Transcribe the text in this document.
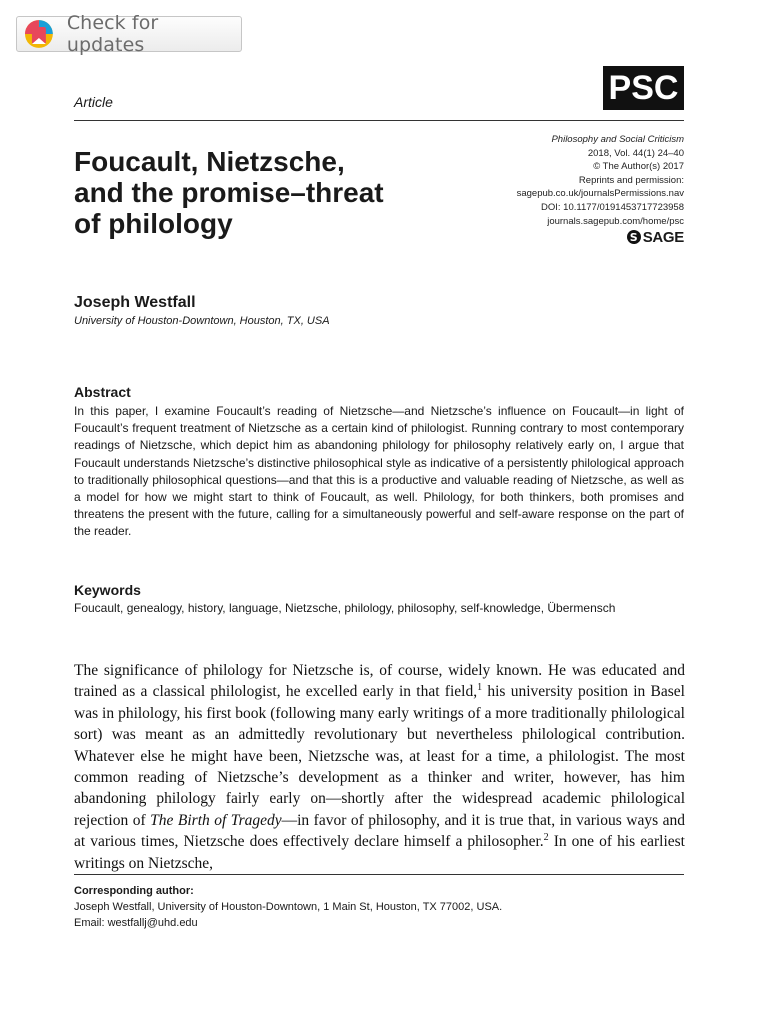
Check for updates
PSC
Article
Foucault, Nietzsche,
and the promise–threat
of philology
Philosophy and Social Criticism
2018, Vol. 44(1) 24–40
© The Author(s) 2017
Reprints and permission:
sagepub.co.uk/journalsPermissions.nav
DOI: 10.1177/0191453717723958
journals.sagepub.com/home/psc
S SAGE
Joseph Westfall
University of Houston-Downtown, Houston, TX, USA
Abstract

In this paper, I examine Foucault’s reading of Nietzsche—and Nietzsche’s influence on Foucault—in light of Foucault’s frequent treatment of Nietzsche as a certain kind of philologist. Running contrary to most contemporary readings of Nietzsche, which depict him as abandoning philology for philosophy relatively early on, I argue that Foucault understands Nietzsche’s distinctive philosophical style as indicative of a persistently philological approach to traditionally philosophical questions—and that this is a productive and valuable reading of Nietzsche, as well as a model for how we might start to think of Foucault, as well. Philology, for both thinkers, both promises and threatens the present with the future, calling for a simultaneously powerful and self-aware response on the part of the reader.

Keywords

Foucault, genealogy, history, language, Nietzsche, philology, philosophy, self-knowledge, Übermensch

The significance of philology for Nietzsche is, of course, widely known. He was educated and trained as a classical philologist, he excelled early in that field,$^1$ his university position in Basel was in philology, his first book (following many early writings of a more traditionally philological sort) was meant as an admittedly revolutionary but nevertheless philological contribution. Whatever else he might have been, Nietzsche was, at least for a time, a philologist. The most common reading of Nietzsche’s development as a thinker and writer, however, has him abandoning philology fairly early on—shortly after the widespread academic philological rejection of The Birth of Tragedy—in favor of philosophy, and it is true that, in various ways and at various times, Nietzsche does effectively declare himself a philosopher.$^2$ In one of his earliest writings on Nietzsche,

Corresponding author:
Joseph Westfall, University of Houston-Downtown, 1 Main St, Houston, TX 77002, USA.
Email: westfallj@uhd.edu
